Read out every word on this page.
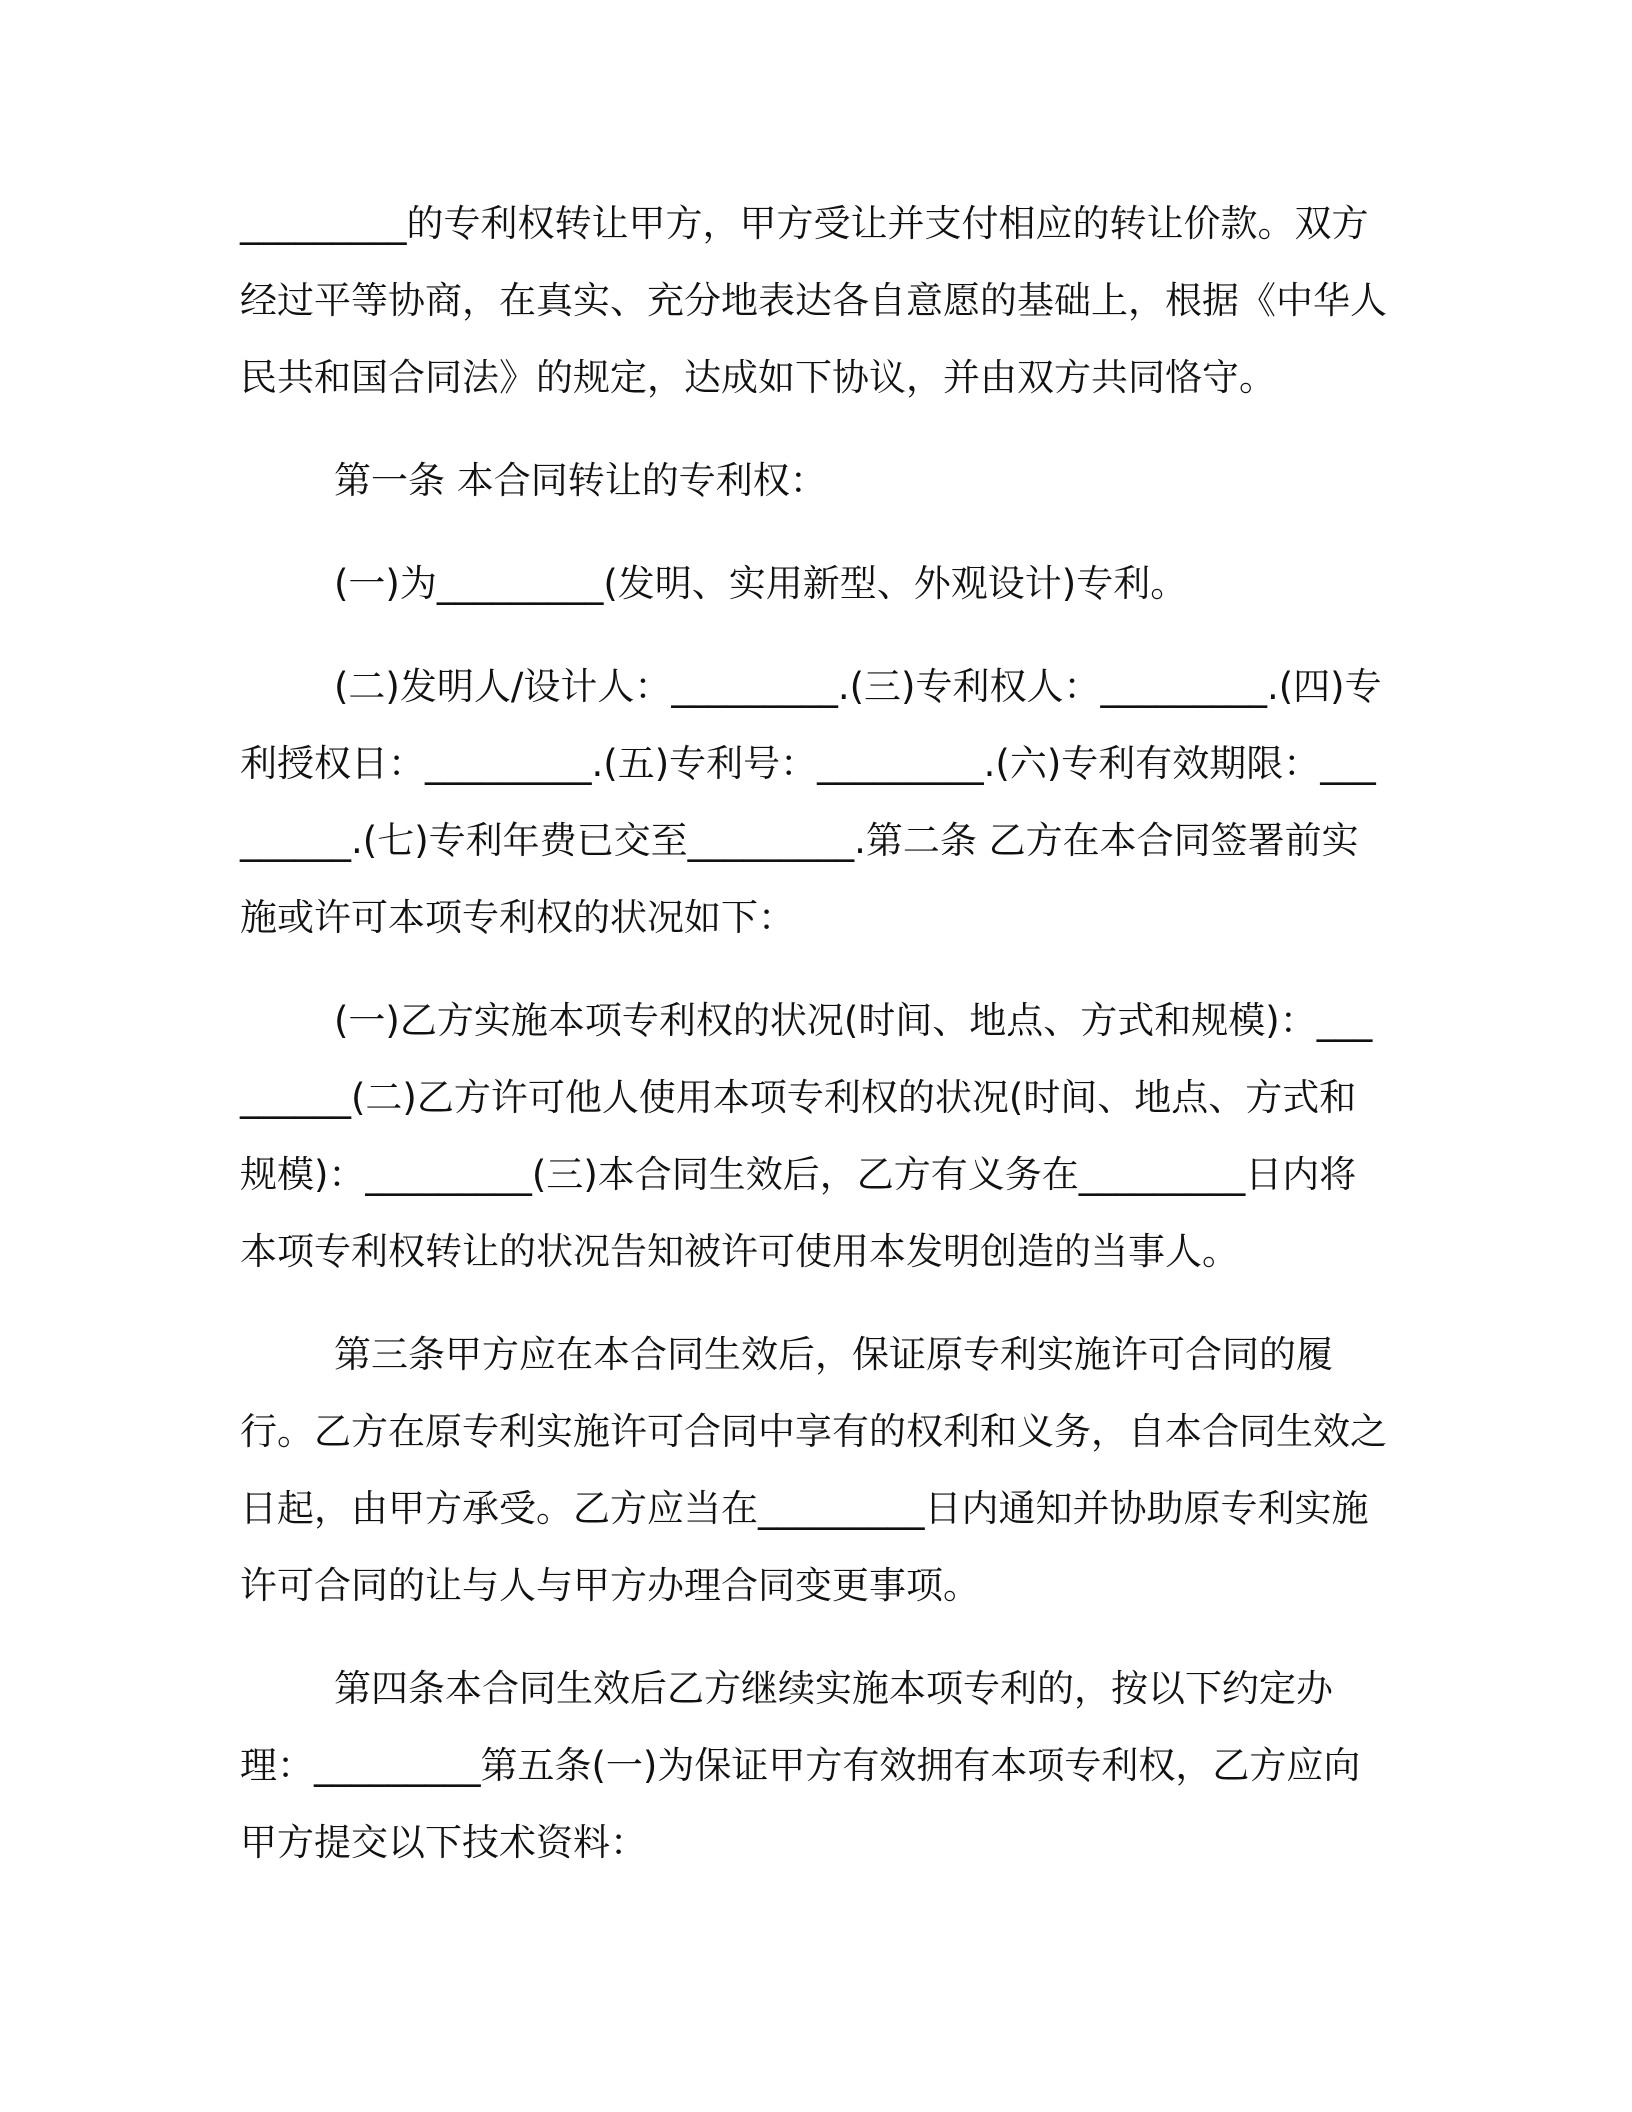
_________的专利权转让甲方，甲方受让并支付相应的转让价款。双方经过平等协商，在真实、充分地表达各自意愿的基础上，根据《中华人民共和国合同法》的规定，达成如下协议，并由双方共同恪守。

第一条 本合同转让的专利权：

(一)为_________(发明、实用新型、外观设计)专利。

(二)发明人/设计人：_________.(三)专利权人：_________.(四)专利授权日：_________.(五)专利号：_________.(六)专利有效期限：_________.(七)专利年费已交至_________.第二条 乙方在本合同签署前实施或许可本项专利权的状况如下：

(一)乙方实施本项专利权的状况(时间、地点、方式和规模)：_________(二)乙方许可他人使用本项专利权的状况(时间、地点、方式和规模)：_________(三)本合同生效后，乙方有义务在_________日内将本项专利权转让的状况告知被许可使用本发明创造的当事人。

第三条甲方应在本合同生效后，保证原专利实施许可合同的履行。乙方在原专利实施许可合同中享有的权利和义务，自本合同生效之日起，由甲方承受。乙方应当在_________日内通知并协助原专利实施许可合同的让与人与甲方办理合同变更事项。

第四条本合同生效后乙方继续实施本项专利的，按以下约定办理：_________第五条(一)为保证甲方有效拥有本项专利权，乙方应向甲方提交以下技术资料：
